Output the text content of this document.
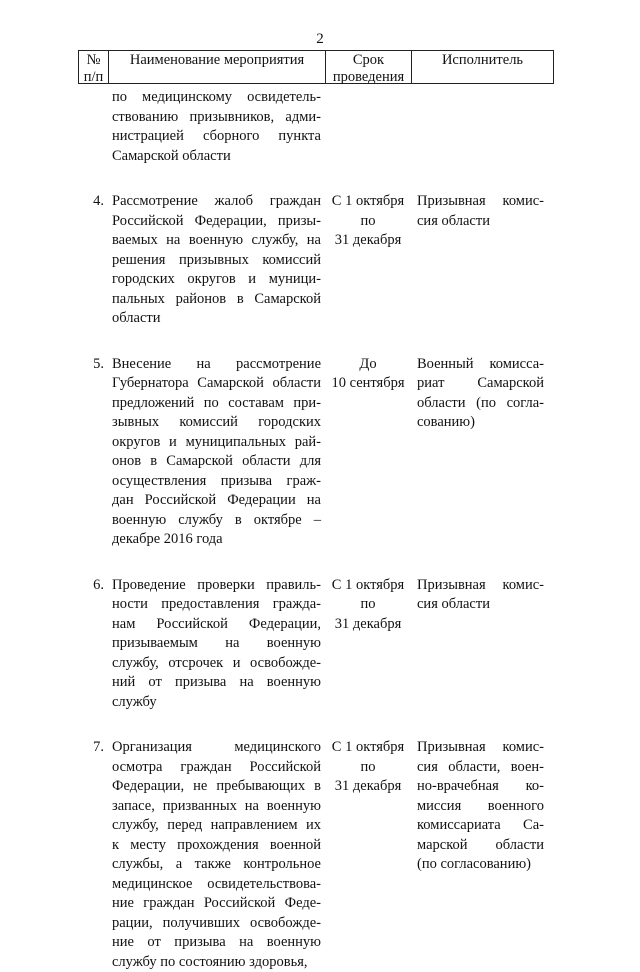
2
№
п/п
Наименование мероприятия	Срок
проведения
Исполнитель
по медицинскому освидетель-
ствованию призывников, адми-
нистрацией сборного пункта
Самарской области
4. Рассмотрение жалоб граждан
Российской Федерации, призы-
ваемых на военную службу, на
решения призывных комиссий
городских округов и муници-
пальных районов в Самарской
области
С 1 октября
по
31 декабря
Призывная комис-
сия области
5. Внесение на рассмотрение
Губернатора Самарской области
предложений по составам при-
зывных комиссий городских
округов и муниципальных рай-
онов в Самарской области для
осуществления призыва граж-
дан Российской Федерации на
военную службу в октябре –
декабре 2016 года
До
10 сентября
Военный комисса-
риат Самарской
области (по согла-
сованию)
6. Проведение проверки правиль-
ности предоставления гражда-
нам Российской Федерации,
призываемым на военную
службу, отсрочек и освобожде-
ний от призыва на военную
службу
С 1 октября
по
31 декабря
Призывная комис-
сия области
7. Организация медицинского
осмотра граждан Российской
Федерации, не пребывающих в
запасе, призванных на военную
службу, перед направлением их
к месту прохождения военной
службы, а также контрольное
медицинское освидетельствова-
ние граждан Российской Феде-
рации, получивших освобожде-
ние от призыва на военную
службу по состоянию здоровья,
С 1 октября
по
31 декабря
Призывная комис-
сия области, воен-
но-врачебная ко-
миссия военного
комиссариата Са-
марской области
(по согласованию)
